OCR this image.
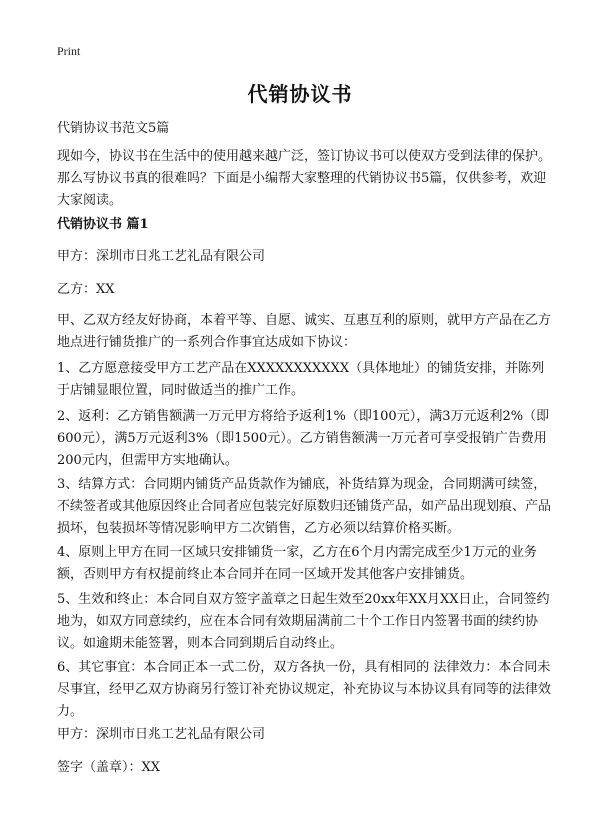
Print
代销协议书

代销协议书范文5篇

现如今，协议书在生活中的使用越来越广泛，签订协议书可以使双方受到法律的保护。那么写协议书真的很难吗？下面是小编帮大家整理的代销协议书5篇，仅供参考，欢迎大家阅读。

代销协议书 篇1

甲方：深圳市日兆工艺礼品有限公司

乙方：XX

甲、乙双方经友好协商，本着平等、自愿、诚实、互惠互利的原则，就甲方产品在乙方地点进行铺货推广的一系列合作事宜达成如下协议：

1、乙方愿意接受甲方工艺产品在XXXXXXXXXXX（具体地址）的铺货安排，并陈列于店铺显眼位置，同时做适当的推广工作。

2、返利：乙方销售额满一万元甲方将给予返利1%（即100元），满3万元返利2%（即600元），满5万元返利3%（即1500元）。乙方销售额满一万元者可享受报销广告费用200元内，但需甲方实地确认。

3、结算方式：合同期内铺货产品货款作为铺底，补货结算为现金，合同期满可续签，不续签者或其他原因终止合同者应包装完好原数归还铺货产品，如产品出现划痕、产品损坏，包装损坏等情况影响甲方二次销售，乙方必须以结算价格买断。

4、原则上甲方在同一区域只安排铺货一家，乙方在6个月内需完成至少1万元的业务额，否则甲方有权提前终止本合同并在同一区域开发其他客户安排铺货。

5、生效和终止：本合同自双方签字盖章之日起生效至20xx年XX月XX日止，合同签约地为，如双方同意续约，应在本合同有效期届满前二十个工作日内签署书面的续约协议。如逾期未能签署，则本合同到期后自动终止。

6、其它事宜：本合同正本一式二份，双方各执一份，具有相同的 法律效力：本合同未尽事宜，经甲乙双方协商另行签订补充协议规定，补充协议与本协议具有同等的法律效力。

甲方：深圳市日兆工艺礼品有限公司

签字（盖章）：XX
